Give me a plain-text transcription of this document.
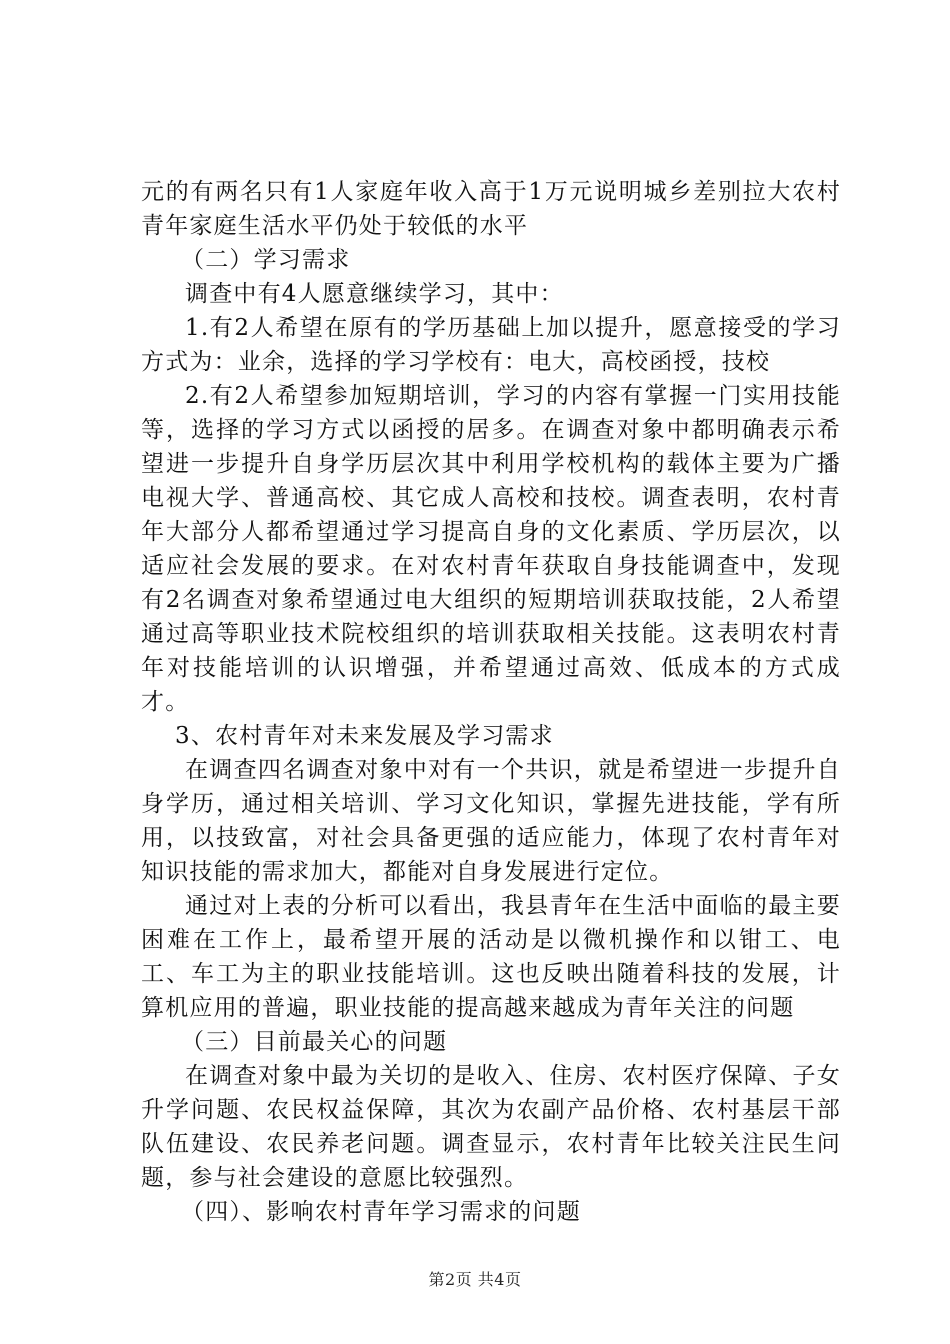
元的有两名只有1人家庭年收入高于1万元说明城乡差别拉大农村青年家庭生活水平仍处于较低的水平

（二）学习需求

调查中有4人愿意继续学习，其中：

1.有2人希望在原有的学历基础上加以提升，愿意接受的学习方式为：业余，选择的学习学校有：电大，高校函授，技校

2.有2人希望参加短期培训，学习的内容有掌握一门实用技能等，选择的学习方式以函授的居多。在调查对象中都明确表示希望进一步提升自身学历层次其中利用学校机构的载体主要为广播电视大学、普通高校、其它成人高校和技校。调查表明，农村青年大部分人都希望通过学习提高自身的文化素质、学历层次，以适应社会发展的要求。在对农村青年获取自身技能调查中，发现有2名调查对象希望通过电大组织的短期培训获取技能，2人希望通过高等职业技术院校组织的培训获取相关技能。这表明农村青年对技能培训的认识增强，并希望通过高效、低成本的方式成才。

3、农村青年对未来发展及学习需求

在调查四名调查对象中对有一个共识，就是希望进一步提升自身学历，通过相关培训、学习文化知识，掌握先进技能，学有所用，以技致富，对社会具备更强的适应能力，体现了农村青年对知识技能的需求加大，都能对自身发展进行定位。

通过对上表的分析可以看出，我县青年在生活中面临的最主要困难在工作上，最希望开展的活动是以微机操作和以钳工、电工、车工为主的职业技能培训。这也反映出随着科技的发展，计算机应用的普遍，职业技能的提高越来越成为青年关注的问题

（三）目前最关心的问题

在调查对象中最为关切的是收入、住房、农村医疗保障、子女升学问题、农民权益保障，其次为农副产品价格、农村基层干部队伍建设、农民养老问题。调查显示，农村青年比较关注民生问题，参与社会建设的意愿比较强烈。

（四）、影响农村青年学习需求的问题

第2页 共4页
